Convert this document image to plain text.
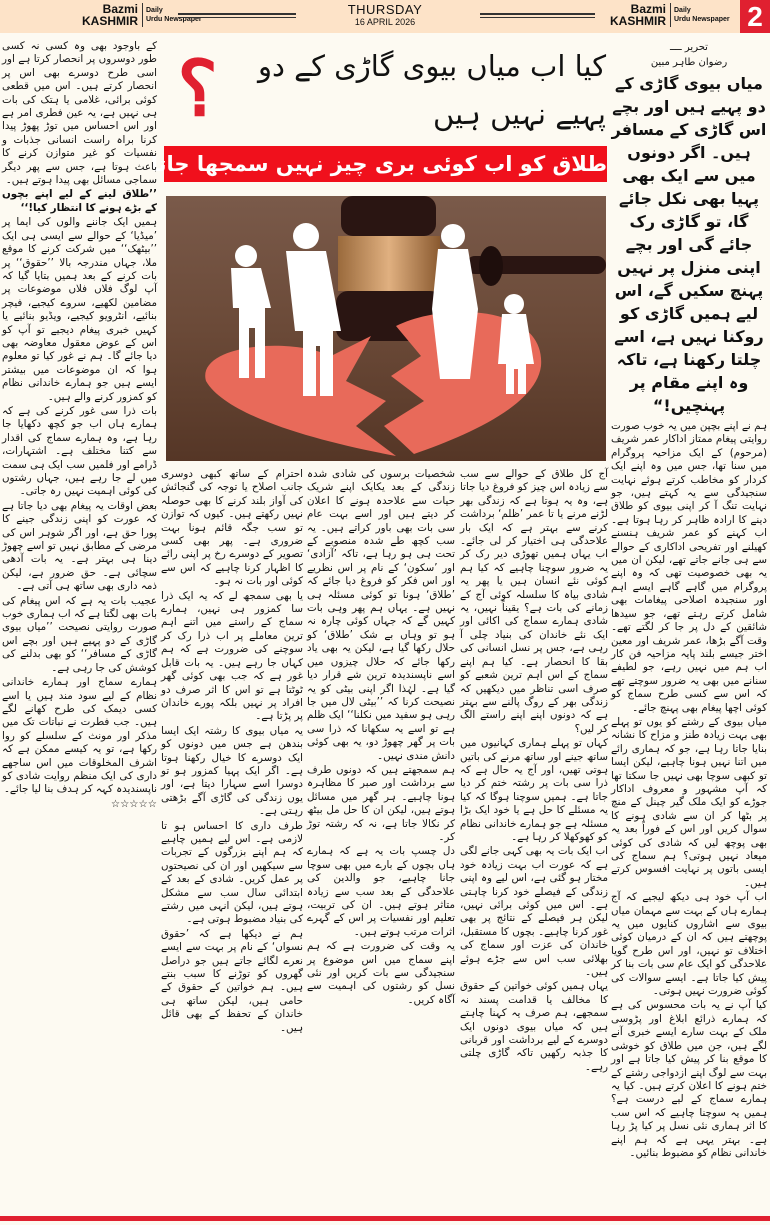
Bazmi
KASHMIR
Daily
Urdu Newspaper
THURSDAY
16 APRIL 2026
Bazmi
KASHMIR
Daily
Urdu Newspaper 2
؟	کیا اب میاں بیوی گاڑی کے دو پہیے نہیں ہیں
طلاق کو اب کوئی بری چیز نہیں سمجھا جاتا

آج کل طلاق کے حوالے سے سب سے زیادہ اس چیز کو فروغ دیا جاتا ہے، وہ یہ ہوتا ہے کہ زندگی بھر لڑنے مرنے یا تا عمر ’ظلم‘ برداشت کرنے سے بہتر ہے کہ ایک بار علاحدگی ہی اختیار کر لی جائے۔ اب یہاں ہمیں تھوڑی دیر رک کر یہ ضرور سوچنا چاہیے کہ کیا ہم کوئی نئے انسان ہیں یا پھر یہ شادی بیاہ کا سلسلہ کوئی آج کے زمانے کی بات ہے؟ یقیناً نہیں، یہ شادی ہمارے سماج کی اکائی اور ایک نئے خاندان کی بنیاد چلی آ رہی ہے، جس پر نسل انسانی کی بقا کا انحصار ہے۔ کیا ہم اپنے سماج کے اس اہم ترین شعبے کو صرف اسی تناظر میں دیکھیں کہ زندگی بھر کے روگ پالنے سے بہتر ہے کہ دونوں اپنے اپنے راستے الگ کر لیں؟

کہاں تو پہلے ہماری کہانیوں میں ساتھ جینے اور ساتھ مرنے کی باتیں ہوتی تھیں، اور آج یہ حال ہے کہ ذرا سی بات پر رشتہ ختم کر دیا جاتا ہے۔ ہمیں سوچنا ہوگا کہ کیا یہ مسئلے کا حل ہے یا خود ایک بڑا مسئلہ ہے جو ہمارے خاندانی نظام کو کھوکھلا کر رہا ہے۔

اب ایک بات یہ بھی کہی جانے لگی ہے کہ عورت اب بہت زیادہ خود مختار ہو گئی ہے، اس لیے وہ اپنی زندگی کے فیصلے خود کرنا چاہتی ہے۔ اس میں کوئی برائی نہیں، لیکن ہر فیصلے کے نتائج پر بھی غور کرنا چاہیے۔ بچوں کا مستقبل، خاندان کی عزت اور سماج کی بھلائی سب اس سے جڑے ہوئے ہیں۔

یہاں ہمیں کوئی خواتین کے حقوق کا مخالف یا قدامت پسند نہ سمجھے، ہم صرف یہ کہنا چاہتے ہیں کہ میاں بیوی دونوں ایک دوسرے کے لیے برداشت اور قربانی کا جذبہ رکھیں تاکہ گاڑی چلتی رہے۔

شخصیات برسوں کی شادی شدہ زندگی کے بعد یکایک اپنے شریک حیات سے علاحدہ ہونے کا اعلان کر دیتے ہیں اور اسے بہت عام سی بات بھی باور کراتے ہیں۔ یہ سب کچھ طے شدہ منصوبے کے تحت ہی ہو رہا ہے، تاکہ ’آزادی‘ اور ’سکون‘ کے نام پر اس نظریے اور اس فکر کو فروغ دیا جائے کہ ’طلاق‘ ہونا تو کوئی مسئلہ ہی نہیں ہے۔ یہاں ہم پھر وہی بات کہیں گے کہ جہاں کوئی چارہ نہ ہو تو وہاں بے شک ’طلاق‘ کو حلال رکھا گیا ہے، لیکن یہ بھی یاد رکھا جائے کہ حلال چیزوں میں اسے ناپسندیدہ ترین شے قرار دیا گیا ہے۔ لہٰذا اگر اپنی بیٹی کو یہ نصیحت کرنا کہ ’’بیٹی لال میں جا رہی ہو سفید میں نکلنا‘‘ ایک ظلم ہے تو اسے یہ سکھانا کہ ذرا سی بات پر گھر چھوڑ دو، یہ بھی کوئی دانش مندی نہیں۔

ہم سمجھتے ہیں کہ دونوں طرف سے برداشت اور صبر کا مظاہرہ ہونا چاہیے۔ ہر گھر میں مسائل ہوتے ہیں، لیکن ان کا حل مل بیٹھ کر نکالا جاتا ہے، نہ کہ رشتہ توڑ کر۔

دل چسپ بات یہ ہے کہ ہمارے ہاں بچوں کے بارے میں بھی سوچا جانا چاہیے، جو والدین کی علاحدگی کے بعد سب سے زیادہ متاثر ہوتے ہیں۔ ان کی تربیت، تعلیم اور نفسیات پر اس کے گہرے اثرات مرتب ہوتے ہیں۔

یہ وقت کی ضرورت ہے کہ ہم اپنے سماج میں اس موضوع پر سنجیدگی سے بات کریں اور نئی نسل کو رشتوں کی اہمیت سے آگاہ کریں۔

احترام کے ساتھ کبھی دوسری جانب اصلاح یا توجہ کی گنجائش کی آواز بلند کرنے کا بھی حوصلہ نہیں رکھتے ہیں۔ کیوں کہ توازن تو سب جگہ قائم ہونا بہت ضروری ہے۔ پھر بھی کسی تصویر کے دوسرے رخ پر اپنی رائے کا اظہار کرنا چاہیے کہ اس سے کوئی اور بات نہ ہو۔

یا بھی سمجھ لے کہ یہ ایک ذرا سا کمزور ہی نہیں، ہمارے سماج کے راستے میں اتنے اہم ترین معاملے پر اب ذرا رک کر سوچنے کی ضرورت ہے کہ ہم کہاں جا رہے ہیں۔ یہ بات قابل غور ہے کہ جب بھی کوئی گھر ٹوٹتا ہے تو اس کا اثر صرف دو افراد پر نہیں بلکہ پورے خاندان پر پڑتا ہے۔

یہ میاں بیوی کا رشتہ ایک ایسا بندھن ہے جس میں دونوں کو ایک دوسرے کا خیال رکھنا ہوتا ہے۔ اگر ایک پہیا کمزور ہو تو دوسرا اسے سہارا دیتا ہے، اور یوں زندگی کی گاڑی آگے بڑھتی رہتی ہے۔

طرف داری کا احساس ہو تا لازمی ہے۔ اس لیے ہمیں چاہیے کہ ہم اپنے بزرگوں کے تجربات سے سیکھیں اور ان کی نصیحتوں پر عمل کریں۔ شادی کے بعد کے ابتدائی سال سب سے مشکل ہوتے ہیں، لیکن انہی میں رشتے کی بنیاد مضبوط ہوتی ہے۔

ہم نے دیکھا ہے کہ ’حقوق نسواں‘ کے نام پر بہت سے ایسے نعرے لگائے جاتے ہیں جو دراصل گھروں کو توڑنے کا سبب بنتے ہیں۔ ہم خواتین کے حقوق کے حامی ہیں، لیکن ساتھ ہی خاندان کے تحفظ کے بھی قائل ہیں۔

تحریر ــــ
رضوان طاہر مبین
میاں بیوی گاڑی کے دو پہیے ہیں اور بچے اس گاڑی کے مسافر ہیں۔ اگر دونوں میں سے ایک بھی پہیا بھی نکل جائے گا، تو گاڑی رک جائے گی اور بچے اپنی منزل پر نہیں پہنچ سکیں گے، اس لیے ہمیں گاڑی کو روکنا نہیں ہے، اسے چلتا رکھنا ہے، تاکہ وہ اپنے مقام پر پہنچیں!“

ہم نے اپنے بچپن میں یہ خوب صورت روایتی پیغام ممتاز اداکار عمر شریف (مرحوم) کے ایک مزاحیہ پروگرام میں سنا تھا، جس میں وہ اپنے ایک کردار کو مخاطب کرتے ہوئے نہایت سنجیدگی سے یہ کہتے ہیں، جو نہایت تنگ آ کر اپنی بیوی کو طلاق دینے کا ارادہ ظاہر کر رہا ہوتا ہے۔ اب کہنے کو عمر شریف ہنسنے کھیلنے اور تفریحی اداکاری کے حوالے سے ہی جانے جاتے تھے، لیکن ان میں یہ بھی خصوصیت تھی کہ وہ اپنے پروگرام میں گاہے گاہے ایسے اہم اور سنجیدہ اصلاحی پیغامات بھی شامل کرتے رہتے تھے، جو سیدھا شائقین کے دل پر جا کر لگتے تھے۔ وقت آگے بڑھا، عمر شریف اور معین اختر جیسے بلند پایہ مزاحیہ فن کار اب ہم میں نہیں رہے، جو لطیفے سنانے میں بھی یہ ضرور سوچتے تھے کہ اس سے کسی طرح سماج کو کوئی اچھا پیغام بھی پہنچ جائے۔

میاں بیوی کے رشتے کو یوں تو پہلے بھی بہت زیادہ طنز و مزاح کا نشانہ بنایا جاتا رہا ہے، جو کہ ہماری رائے میں اتنا نہیں ہونا چاہیے، لیکن ایسا تو کبھی سوچا بھی نہیں جا سکتا تھا کہ آپ مشہور و معروف اداکار جوڑے کو ایک ملک گیر چینل کے منچ پر بٹھا کر ان سے شادی ہونے کا سوال کریں اور اس کے فوراً بعد یہ بھی پوچھ لیں کہ شادی کی کوئی میعاد نہیں ہوتی؟ ہم سماج کی ایسی باتوں پر نہایت افسوس کرتے ہیں۔

اب آپ خود ہی دیکھ لیجیے کہ آج ہمارے ہاں کے بہت سے مہمان میاں بیوی سے اشاروں کنایوں میں یہ پوچھتے ہیں کہ ان کے درمیان کوئی اختلاف تو نہیں، اور اس طرح گویا علاحدگی کو ایک عام سی بات بنا کر پیش کیا جاتا ہے۔ ایسے سوالات کی کوئی ضرورت نہیں ہوتی۔

کیا آپ نے یہ بات محسوس کی ہے کہ ہمارے ذرائع ابلاغ اور پڑوسی ملک کے بہت سارے ایسے خبری آنے لگے ہیں، جن میں طلاق کو خوشی کا موقع بنا کر پیش کیا جاتا ہے اور بہت سے لوگ اپنے ازدواجی رشتے کے ختم ہونے کا اعلان کرتے ہیں۔ کیا یہ ہمارے سماج کے لیے درست ہے؟ ہمیں یہ سوچنا چاہیے کہ اس سب کا اثر ہماری نئی نسل پر کیا پڑ رہا ہے۔ بہتر یہی ہے کہ ہم اپنے خاندانی نظام کو مضبوط بنائیں۔

کے باوجود بھی وہ کسی نہ کسی طور دوسروں پر انحصار کرتا ہے اور اسی طرح دوسرے بھی اس پر انحصار کرتے ہیں۔ اس میں قطعی کوئی برائی، غلامی یا ہتک کی بات ہی نہیں ہے، یہ عین فطری امر ہے اور اس احساس میں توڑ پھوڑ پیدا کرنا براہ راست انسانی جذبات و نفسیات کو غیر متوازن کرنے کا باعث ہوتا ہے، جس سے پھر دیگر سماجی مسائل بھی پیدا ہوتے ہیں۔

’’طلاق لینے کے لیے اپنے بچوں کے بڑے ہونے کا انتظار کیا!‘‘

ہمیں ایک جاننے والوں کی ایما پر ’میڈیا‘ کے حوالے سے ایسی ہی ایک ’’بیٹھک‘‘ میں شرکت کرنے کا موقع ملا، جہاں مندرجہ بالا ’’حقوق‘‘ پر بات کرنے کے بعد ہمیں بتایا گیا کہ آپ لوگ فلاں فلاں موضوعات پر مضامین لکھیے، سروے کیجیے، فیچر بنائیے، انٹرویو کیجیے، ویڈیو بنائیے یا کہیں خبری پیغام دیجیے تو آپ کو اس کے عوض معقول معاوضہ بھی دیا جائے گا۔ ہم نے غور کیا تو معلوم ہوا کہ ان موضوعات میں بیشتر ایسے ہیں جو ہمارے خاندانی نظام کو کمزور کرنے والے ہیں۔

بات ذرا سی غور کرنے کی ہے کہ ہمارے ہاں اب جو کچھ دکھایا جا رہا ہے، وہ ہمارے سماج کی اقدار سے کتنا مختلف ہے۔ اشتہارات، ڈرامے اور فلمیں سب ایک ہی سمت میں لے جا رہے ہیں، جہاں رشتوں کی کوئی اہمیت نہیں رہ جاتی۔

بعض اوقات یہ پیغام بھی دیا جاتا ہے کہ عورت کو اپنی زندگی جینے کا پورا حق ہے، اور اگر شوہر اس کی مرضی کے مطابق نہیں تو اسے چھوڑ دینا ہی بہتر ہے۔ یہ بات آدھی سچائی ہے۔ حق ضرور ہے، لیکن ذمہ داری بھی ساتھ ہی آتی ہے۔

عجیب بات یہ ہے کہ اس پیغام کی بات بھی لگتا ہے کہ اب ہماری خوب صورت روایتی نصیحت ’’میاں بیوی گاڑی کے دو پہیے ہیں اور بچے اس گاڑی کے مسافر‘‘ کو بھی بدلنے کی کوشش کی جا رہی ہے۔

ہمارے سماج اور ہمارے خاندانی نظام کے لیے سود مند ہیں یا اسے کسی دیمک کی طرح کھانے لگے ہیں۔ جب فطرت نے نباتات تک میں مذکر اور مونث کے سلسلے کو روا رکھا ہے، تو یہ کیسے ممکن ہے کہ اشرف المخلوقات میں اس ساجھے داری کی ایک منظم روایت شادی کو ناپسندیدہ کہہ کر ہدف بنا لیا جائے۔

☆☆☆☆☆
